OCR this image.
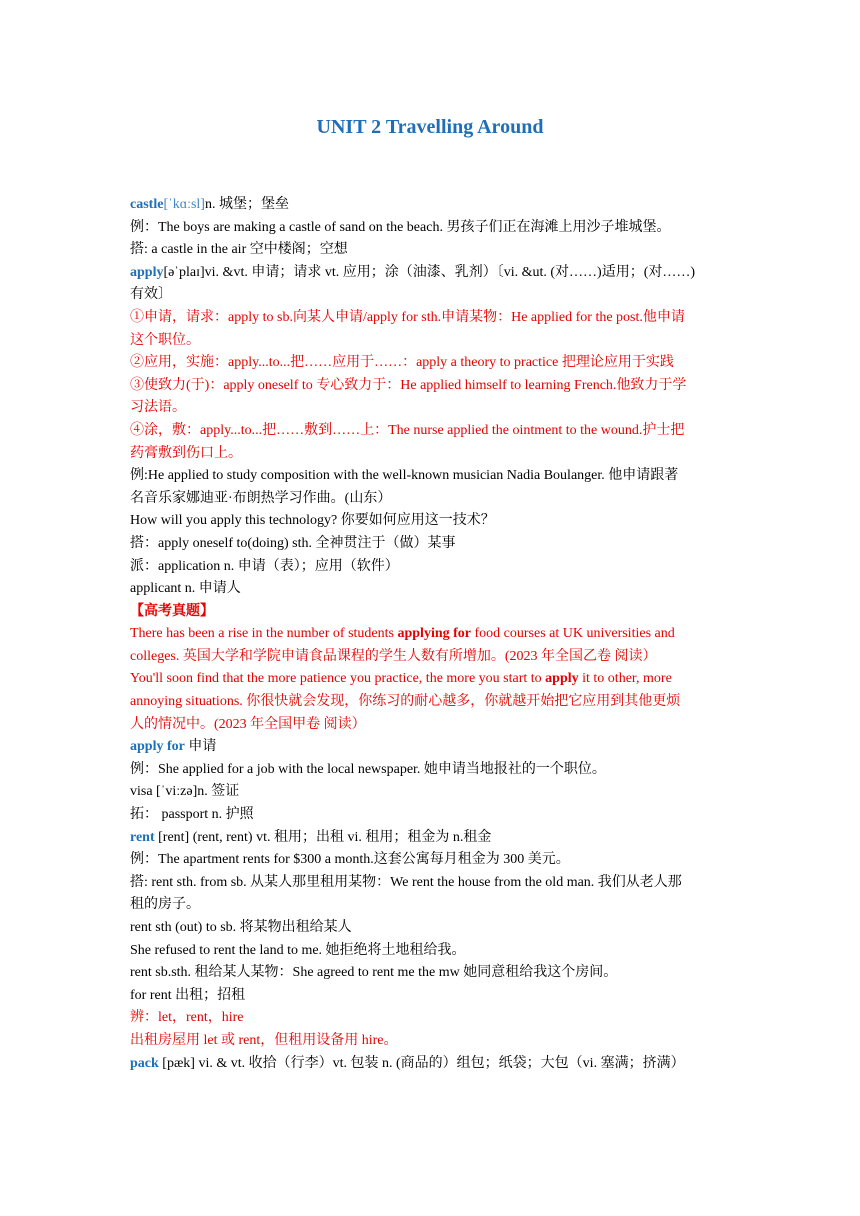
UNIT 2 Travelling Around
castle[ˈkɑːsl]n. 城堡；堡垒
例：The boys are making a castle of sand on the beach. 男孩子们正在海滩上用沙子堆城堡。
搭: a castle in the air 空中楼阁；空想
apply[əˈplaɪ]vi. &vt. 申请；请求 vt. 应用；涂（油漆、乳剂）〔vi. &ut. (对……)适用；(对……)
有效〕
①申请，请求：apply to sb.向某人申请/apply for sth.申请某物：He applied for the post.他申请
这个职位。
②应用，实施：apply...to...把……应用于……：apply a theory to practice 把理论应用于实践
③使致力(于)：apply oneself to 专心致力于：He applied himself to learning French.他致力于学
习法语。
④涂，敷：apply...to...把……敷到……上：The nurse applied the ointment to the wound.护士把
药膏敷到伤口上。
例:He applied to study composition with the well-known musician Nadia Boulanger. 他申请跟著
名音乐家娜迪亚·布朗热学习作曲。(山东）
How will you apply this technology? 你要如何应用这一技术？
搭：apply oneself to(doing) sth. 全神贯注于（做）某事
派：application n. 申请（表）；应用（软件）
applicant n. 申请人
【高考真题】
There has been a rise in the number of students applying for food courses at UK universities and
colleges. 英国大学和学院申请食品课程的学生人数有所增加。(2023 年全国乙卷 阅读）
You'll soon find that the more patience you practice, the more you start to apply it to other, more
annoying situations. 你很快就会发现，你练习的耐心越多，你就越开始把它应用到其他更烦
人的情况中。(2023 年全国甲卷 阅读）
apply for 申请
例：She applied for a job with the local newspaper. 她申请当地报社的一个职位。
visa [ˈviːzə]n. 签证
拓： passport n. 护照
rent [rent] (rent, rent) vt. 租用；出租 vi. 租用；租金为 n.租金
例：The apartment rents for $300 a month.这套公寓每月租金为 300 美元。
搭: rent sth. from sb. 从某人那里租用某物：We rent the house from the old man. 我们从老人那
租的房子。
rent sth (out) to sb. 将某物出租给某人
She refused to rent the land to me. 她拒绝将土地租给我。
rent sb.sth. 租给某人某物：She agreed to rent me the mw 她同意租给我这个房间。
for rent 出租；招租
辨：let，rent，hire
出租房屋用 let 或 rent，但租用设备用 hire。
pack [pæk] vi. & vt. 收拾（行李）vt. 包装 n. (商品的）组包；纸袋；大包（vi. 塞满；挤满）
